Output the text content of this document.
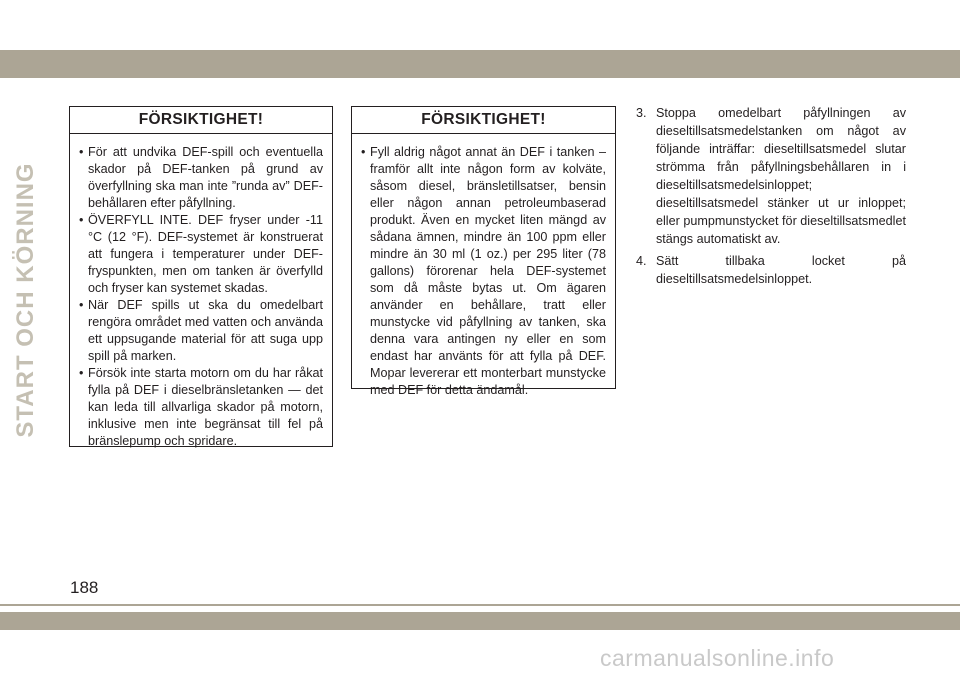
START OCH KÖRNING
FÖRSIKTIGHET!
• För att undvika DEF-spill och eventuella skador på DEF-tanken på grund av överfyllning ska man inte ”runda av” DEF-behållaren efter påfyllning.
• ÖVERFYLL INTE. DEF fryser under -11 °C (12 °F). DEF-systemet är konstruerat att fungera i temperaturer under DEF-fryspunkten, men om tanken är överfylld och fryser kan systemet skadas.
• När DEF spills ut ska du omedelbart rengöra området med vatten och använda ett uppsugande material för att suga upp spill på marken.
• Försök inte starta motorn om du har råkat fylla på DEF i dieselbränsletanken — det kan leda till allvarliga skador på motorn, inklusive men inte begränsat till fel på bränslepump och spridare.
FÖRSIKTIGHET!
• Fyll aldrig något annat än DEF i tanken – framför allt inte någon form av kolväte, såsom diesel, bränsletillsatser, bensin eller någon annan petroleumbaserad produkt. Även en mycket liten mängd av sådana ämnen, mindre än 100 ppm eller mindre än 30 ml (1 oz.) per 295 liter (78 gallons) förorenar hela DEF-systemet som då måste bytas ut. Om ägaren använder en behållare, tratt eller munstycke vid påfyllning av tanken, ska denna vara antingen ny eller en som endast har använts för att fylla på DEF. Mopar levererar ett monterbart munstycke med DEF för detta ändamål.
3. Stoppa omedelbart påfyllningen av dieseltillsatsmedelstanken om något av följande inträffar: dieseltillsatsmedel slutar strömma från påfyllningsbehållaren in i dieseltillsatsmedelsinloppet; dieseltillsatsmedel stänker ut ur inloppet; eller pumpmunstycket för dieseltillsatsmedlet stängs automatiskt av.
4. Sätt tillbaka locket på dieseltillsatsmedelsinloppet.
188
carmanualsonline.info
